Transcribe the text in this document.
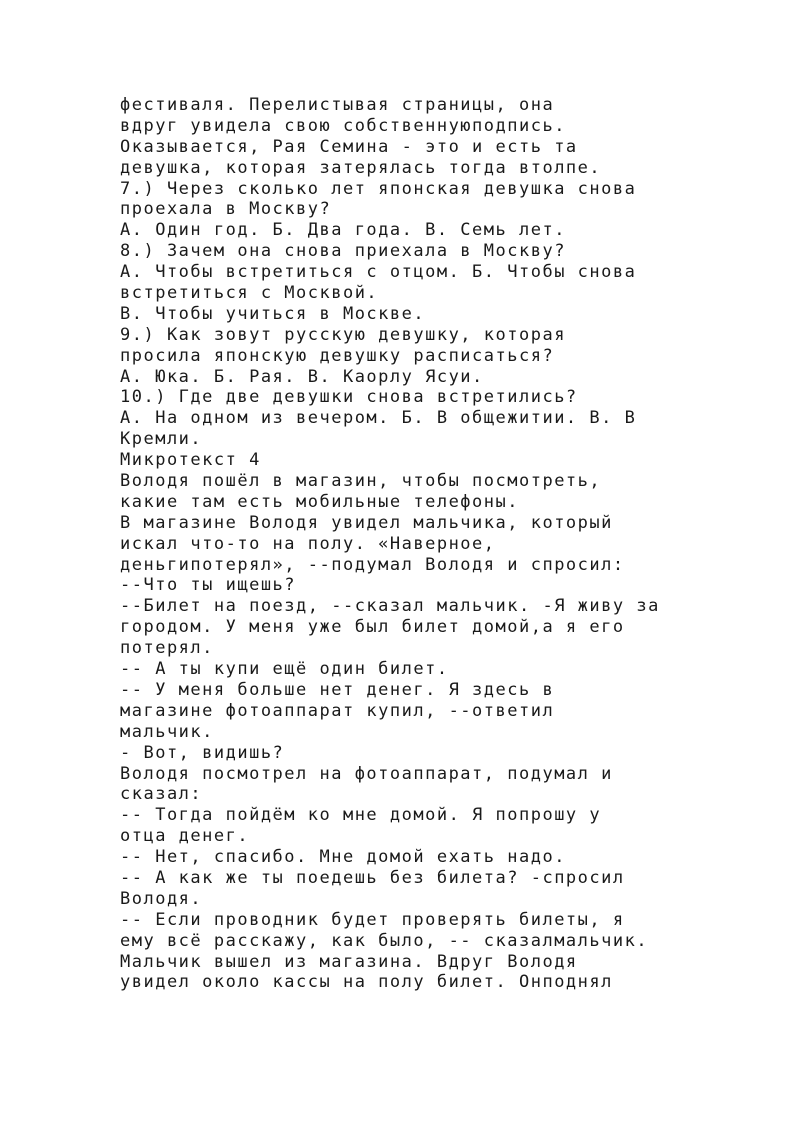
фестиваля. Перелистывая страницы, она
вдруг увидела свою собственнуюподпись.
Оказывается, Рая Семина - это и есть та
девушка, которая затерялась тогда втолпе.
7.) Через сколько лет японская девушка снова
проехала в Москву?
А. Один год. Б. Два года. В. Семь лет.
8.) Зачем она снова приехала в Москву?
А. Чтобы встретиться с отцом. Б. Чтобы снова
встретиться с Москвой.
В. Чтобы учиться в Москве.
9.) Как зовут русскую девушку, которая
просила японскую девушку расписаться?
А. Юка. Б. Рая. В. Каорлу Ясуи.
10.) Где две девушки снова встретились?
А. На одном из вечером. Б. В общежитии. В. В
Кремли.
Микротекст 4
Володя пошёл в магазин, чтобы посмотреть,
какие там есть мобильные телефоны.
В магазине Володя увидел мальчика, который
искал что-то на полу. «Наверное,
деньгипотерял», --подумал Володя и спросил:
--Что ты ищешь?
--Билет на поезд, --сказал мальчик. -Я живу за
городом. У меня уже был билет домой,а я его
потерял.
-- А ты купи ещё один билет.
-- У меня больше нет денег. Я здесь в
магазине фотоаппарат купил, --ответил
мальчик.
- Вот, видишь?
Володя посмотрел на фотоаппарат, подумал и
сказал:
-- Тогда пойдём ко мне домой. Я попрошу у
отца денег.
-- Нет, спасибо. Мне домой ехать надо.
-- А как же ты поедешь без билета? -спросил
Володя.
-- Если проводник будет проверять билеты, я
ему всё расскажу, как было, -- сказалмальчик.
Мальчик вышел из магазина. Вдруг Володя
увидел около кассы на полу билет. Онподнял
